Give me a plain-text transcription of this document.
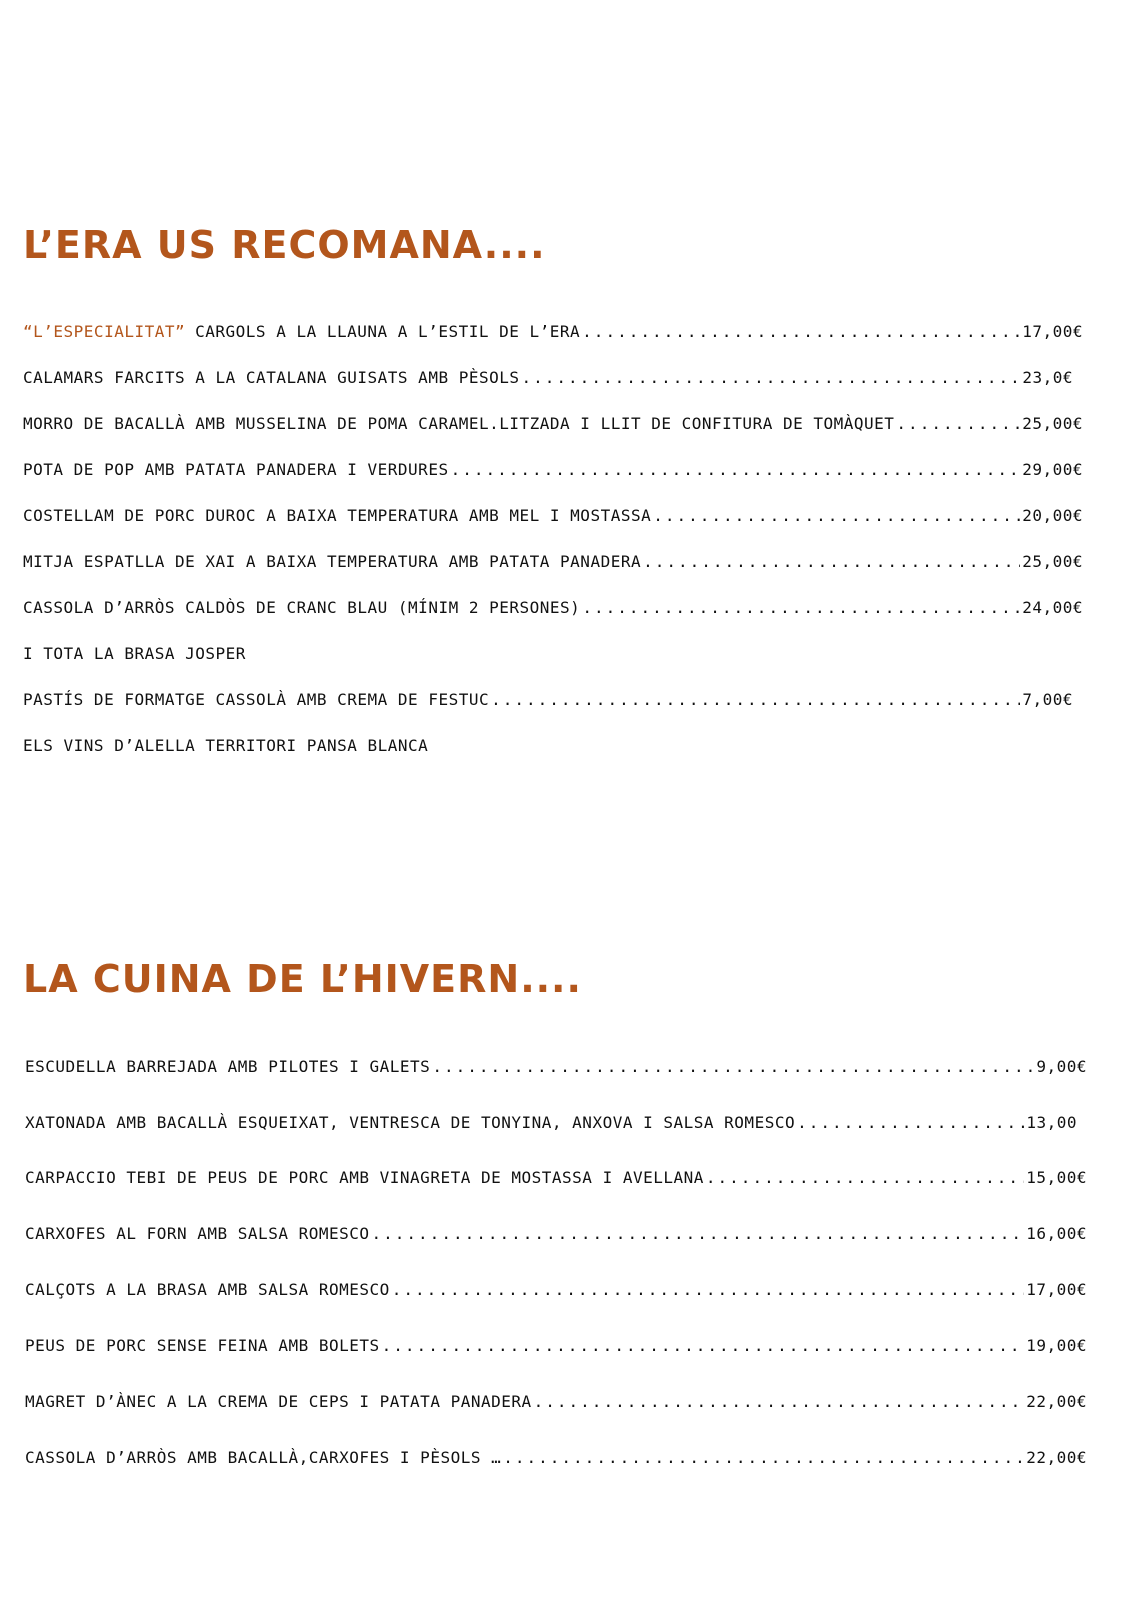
L’ERA US RECOMANA....
“L’ESPECIALITAT” CARGOLS A LA LLAUNA A L’ESTIL DE L’ERA .....	17,00€
CALAMARS FARCITS A LA CATALANA GUISATS AMB PÈSOLS .....	23,0€
MORRO DE BACALLÀ AMB MUSSELINA DE POMA CARAMEL.LITZADA I LLIT DE CONFITURA DE TOMÀQUET .....	25,00€
POTA DE POP AMB PATATA PANADERA I VERDURES .....	29,00€
COSTELLAM DE PORC DUROC A BAIXA TEMPERATURA AMB MEL I MOSTASSA .....	20,00€
MITJA ESPATLLA DE XAI A BAIXA TEMPERATURA AMB PATATA PANADERA .....	25,00€
CASSOLA D’ARRÒS CALDÒS DE CRANC BLAU (MÍNIM 2 PERSONES) .....	24,00€
I TOTA LA BRASA JOSPER
PASTÍS DE FORMATGE CASSOLÀ AMB CREMA DE FESTUC .....	7,00€
ELS VINS D’ALELLA TERRITORI PANSA BLANCA
LA CUINA DE L’HIVERN....
ESCUDELLA BARREJADA AMB PILOTES I GALETS .....	9,00€
XATONADA AMB BACALLÀ ESQUEIXAT, VENTRESCA DE TONYINA, ANXOVA I SALSA ROMESCO .....	13,00
CARPACCIO TEBI DE PEUS DE PORC AMB VINAGRETA DE MOSTASSA I AVELLANA .....	15,00€
CARXOFES AL FORN AMB SALSA ROMESCO .....	16,00€
CALÇOTS A LA BRASA AMB SALSA ROMESCO .....	17,00€
PEUS DE PORC SENSE FEINA AMB BOLETS .....	19,00€
MAGRET D’ÀNEC A LA CREMA DE CEPS I PATATA PANADERA .....	22,00€
CASSOLA D’ARRÒS AMB BACALLÀ,CARXOFES I PÈSOLS … .....	22,00€
